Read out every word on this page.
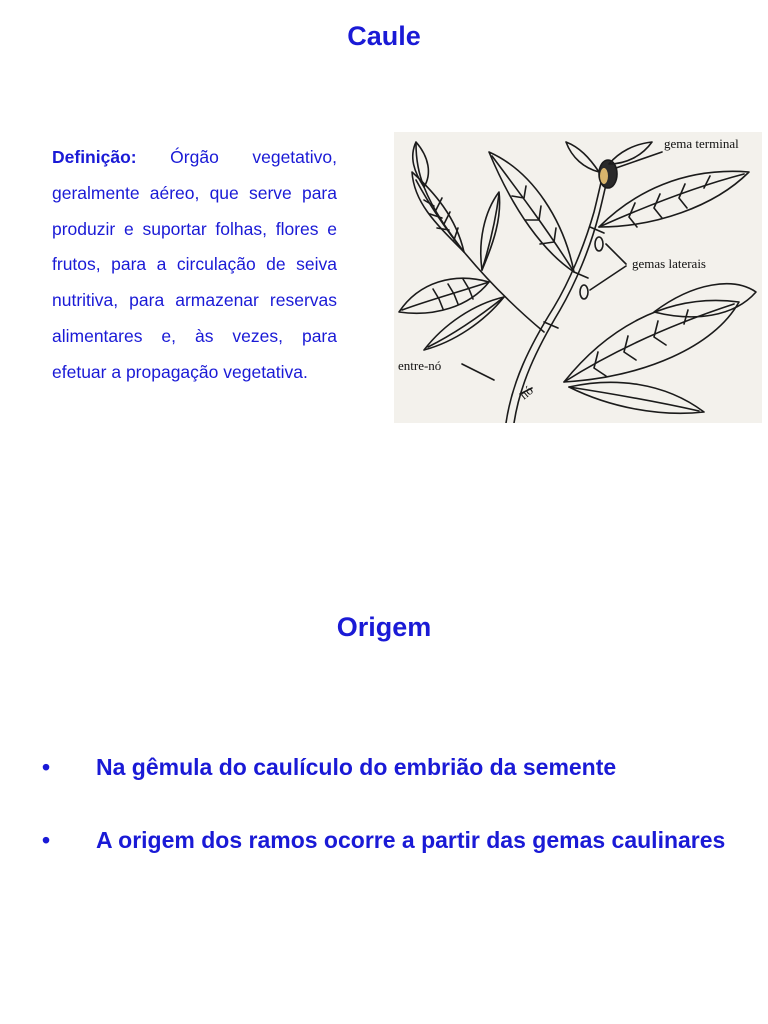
Caule
Definição: Órgão vegetativo, geralmente aéreo, que serve para produzir e suportar folhas, flores e frutos, para a circulação de seiva nutritiva, para armazenar reservas alimentares e, às vezes, para efetuar a propagação vegetativa.
gema terminal
gemas laterais
entre-nó
nó
Origem
• Na gêmula do caulículo do embrião da semente
• A origem dos ramos ocorre a partir das gemas caulinares
